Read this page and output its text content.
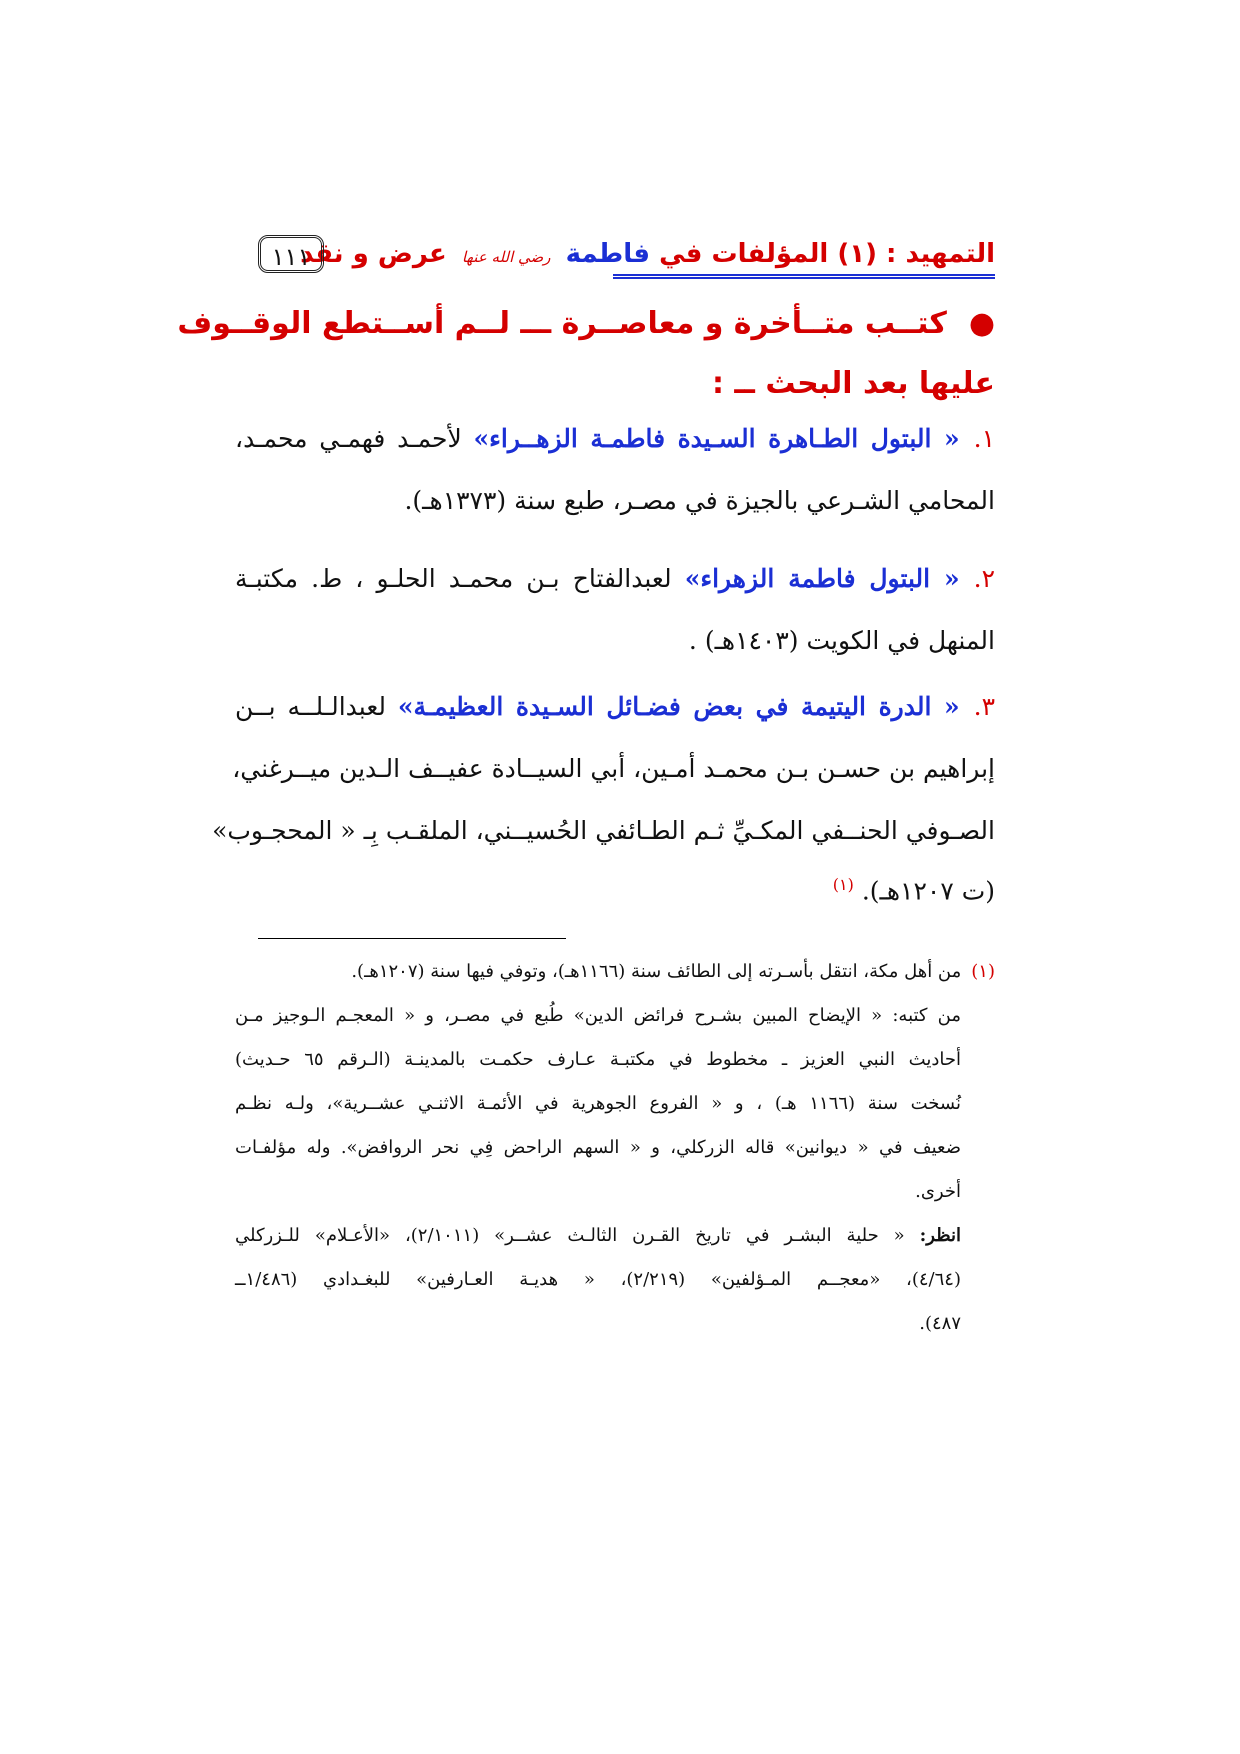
التمهيد : (١) المؤلفات في فاطمة رضي الله عنها عرض و نقد
١١١
●كتــب متــأخرة و معاصــرة ـــ لــم أســتطع الوقــوف
عليها بعد البحث ــ :

١.« البتول الطـاهرة السـيدة فاطمـة الزهــراء» لأحمـد فهمـي محمـد،

المحامي الشـرعي بالجيزة في مصـر، طبع سنة (١٣٧٣هـ).

٢.« البتول فاطمة الزهراء» لعبدالفتاح بـن محمـد الحلـو ، ط. مكتبـة

المنهل في الكويت (١٤٠٣هـ) .

٣.« الدرة اليتيمة في بعض فضـائل السـيدة العظيمـة» لعبدالـلــه بــن

إبراهيم بن حسـن بـن محمـد أمـين، أبي السيــادة عفيــف الـدين ميــرغني،

الصـوفي الحنــفي المكـيِّ ثـم الطـائفي الحُسيــني، الملقـب بِـ « المحجـوب»

(ت ١٢٠٧هـ). $^{(١)}$

(١)من أهل مكة، انتقل بأسـرته إلى الطائف سنة (١١٦٦هـ)، وتوفي فيها سنة (١٢٠٧هـ).

من كتبه: « الإيضاح المبين بشـرح فرائض الدين» طُبع في مصـر، و « المعجـم الـوجيز مـن

أحاديث النبي العزيز ـ مخطوط في مكتبـة عـارف حكمـت بالمدينـة (الـرقم ٦٥ حـديث)

نُسخت سنة (١١٦٦ هـ) ، و « الفروع الجوهرية في الأئمـة الاثنـي عشــرية»، ولـه نظـم

ضعيف في « ديوانين» قاله الزركلي، و « السهم الراحض فِي نحر الروافض». وله مؤلفـات

أخرى.

انظر: « حلية البشـر في تاريخ القـرن الثالـث عشــر» (٢/١٠١١)، «الأعـلام» للـزركلي

(٤/٦٤)، «معجــم المـؤلفين» (٢/٢١٩)، « هديـة العـارفين» للبغـدادي (١/٤٨٦ــ

٤٨٧).
